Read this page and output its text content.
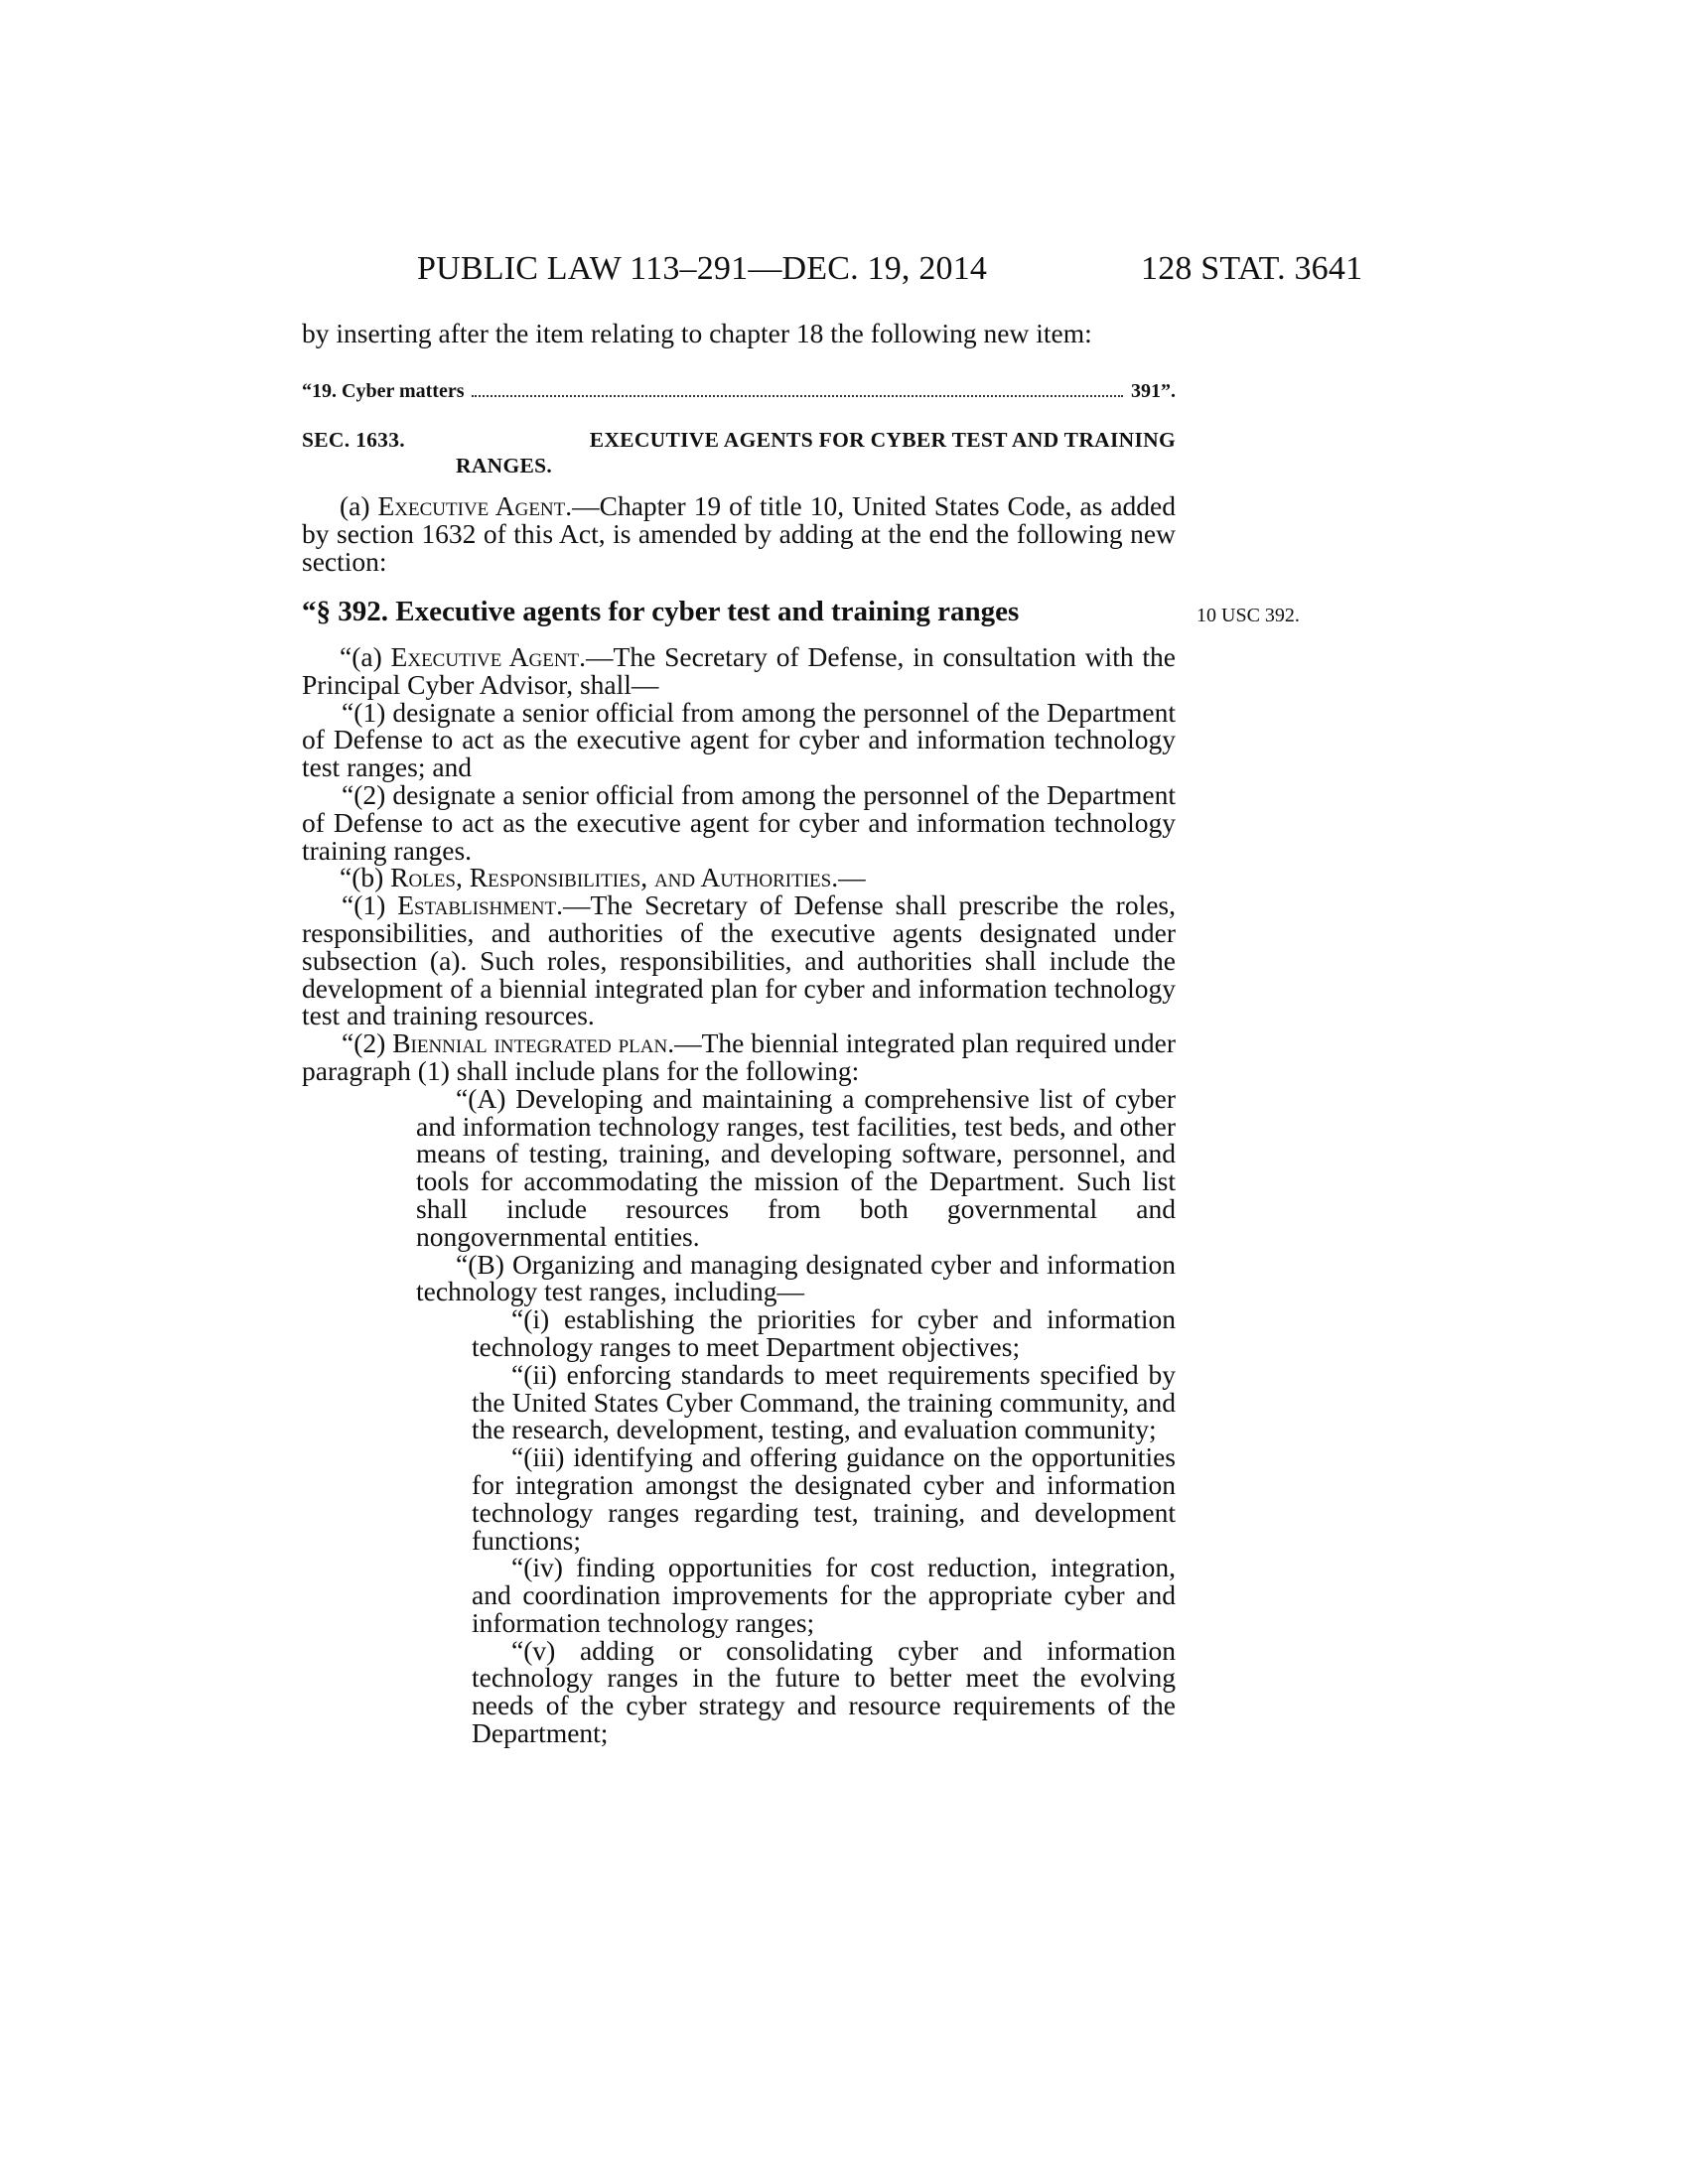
PUBLIC LAW 113–291—DEC. 19, 2014	128 STAT. 3641

by inserting after the item relating to chapter 18 the following new item:

“19. Cyber matters	391”.
SEC. 1633.	EXECUTIVE AGENTS FOR CYBER TEST AND TRAINING
RANGES.

(a) Executive Agent.—Chapter 19 of title 10, United States Code, as added by section 1632 of this Act, is amended by adding at the end the following new section:

“§ 392. Executive agents for cyber test and training ranges	10 USC 392.

“(a) Executive Agent.—The Secretary of Defense, in consultation with the Principal Cyber Advisor, shall—

“(1) designate a senior official from among the personnel of the Department of Defense to act as the executive agent for cyber and information technology test ranges; and

“(2) designate a senior official from among the personnel of the Department of Defense to act as the executive agent for cyber and information technology training ranges.

“(b) Roles, Responsibilities, and Authorities.—

“(1) Establishment.—The Secretary of Defense shall prescribe the roles, responsibilities, and authorities of the executive agents designated under subsection (a). Such roles, responsibilities, and authorities shall include the development of a biennial integrated plan for cyber and information technology test and training resources.

“(2) Biennial integrated plan.—The biennial integrated plan required under paragraph (1) shall include plans for the following:

“(A) Developing and maintaining a comprehensive list of cyber and information technology ranges, test facilities, test beds, and other means of testing, training, and developing software, personnel, and tools for accommodating the mission of the Department. Such list shall include resources from both governmental and nongovernmental entities.

“(B) Organizing and managing designated cyber and information technology test ranges, including—

“(i) establishing the priorities for cyber and information technology ranges to meet Department objectives;

“(ii) enforcing standards to meet requirements specified by the United States Cyber Command, the training community, and the research, development, testing, and evaluation community;

“(iii) identifying and offering guidance on the opportunities for integration amongst the designated cyber and information technology ranges regarding test, training, and development functions;

“(iv) finding opportunities for cost reduction, integration, and coordination improvements for the appropriate cyber and information technology ranges;

“(v) adding or consolidating cyber and information technology ranges in the future to better meet the evolving needs of the cyber strategy and resource requirements of the Department;
